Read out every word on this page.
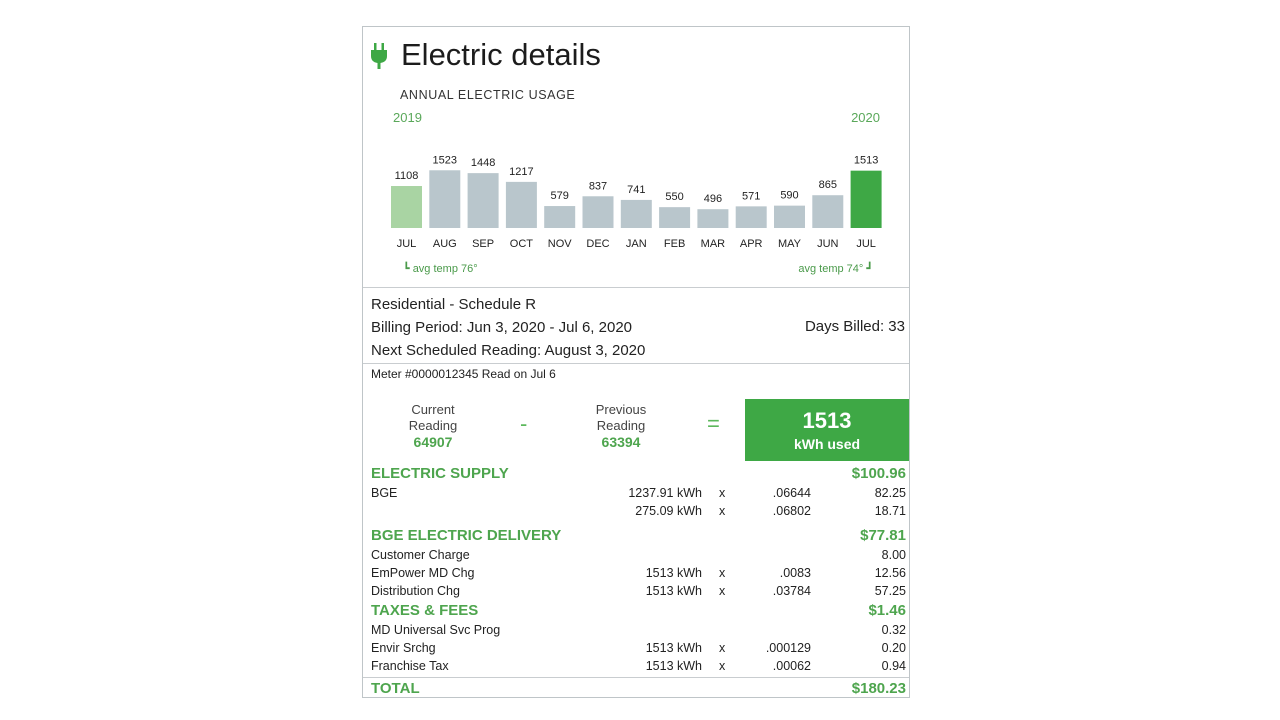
Electric details
ANNUAL ELECTRIC USAGE
2019	2020
1108
JUL
1523
AUG
1448
SEP
1217
OCT
579
NOV
837
DEC
741
JAN
550
FEB
496
MAR
571
APR
590
MAY
865
JUN
1513
JUL
┗ avg temp 76°	avg temp 74° ┛
Residential - Schedule R
Billing Period: Jun 3, 2020 - Jul 6, 2020	Days Billed: 33
Next Scheduled Reading: August 3, 2020
Meter #0000012345 Read on Jul 6
Current
Reading
64907
-
Previous
Reading
63394
=	1513
kWh used
ELECTRIC SUPPLY	$100.96
BGE	1237.91 kWh x	.06644	82.25
275.09 kWh x	.06802	18.71
BGE ELECTRIC DELIVERY	$77.81
Customer Charge	8.00
EmPower MD Chg	1513 kWh x	.0083	12.56
Distribution Chg	1513 kWh x	.03784	57.25
TAXES & FEES	$1.46
MD Universal Svc Prog	0.32
Envir Srchg	1513 kWh x	.000129	0.20
Franchise Tax	1513 kWh x	.00062	0.94
TOTAL	$180.23
